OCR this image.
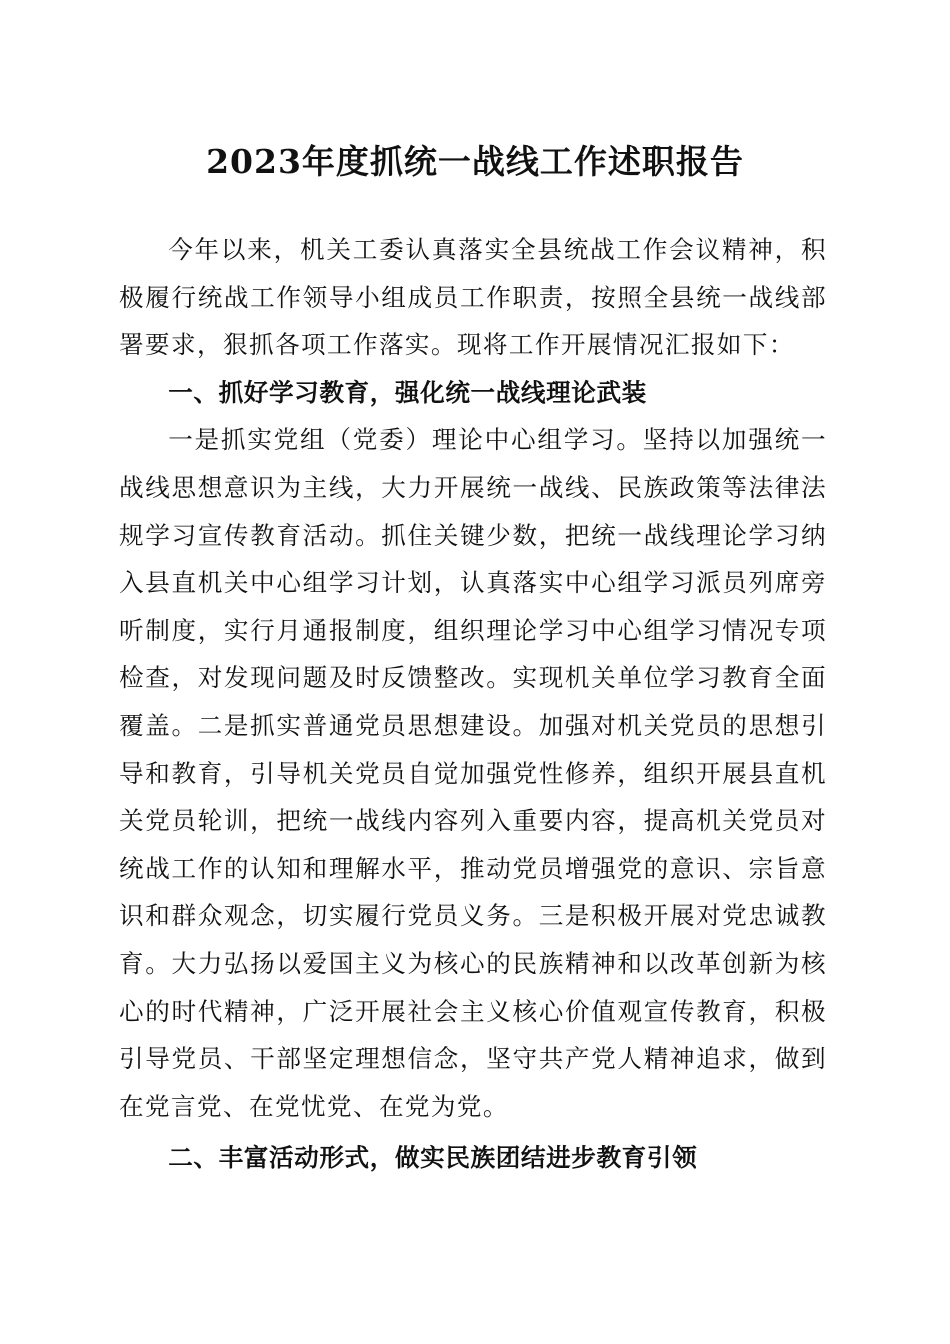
2023年度抓统一战线工作述职报告
今年以来，机关工委认真落实全县统战工作会议精神，积
极履行统战工作领导小组成员工作职责，按照全县统一战线部
署要求，狠抓各项工作落实。现将工作开展情况汇报如下：

一、抓好学习教育，强化统一战线理论武装

一是抓实党组（党委）理论中心组学习。坚持以加强统一
战线思想意识为主线，大力开展统一战线、民族政策等法律法
规学习宣传教育活动。抓住关键少数，把统一战线理论学习纳
入县直机关中心组学习计划，认真落实中心组学习派员列席旁
听制度，实行月通报制度，组织理论学习中心组学习情况专项
检查，对发现问题及时反馈整改。实现机关单位学习教育全面
覆盖。二是抓实普通党员思想建设。加强对机关党员的思想引
导和教育，引导机关党员自觉加强党性修养，组织开展县直机
关党员轮训，把统一战线内容列入重要内容，提高机关党员对
统战工作的认知和理解水平，推动党员增强党的意识、宗旨意
识和群众观念，切实履行党员义务。三是积极开展对党忠诚教
育。大力弘扬以爱国主义为核心的民族精神和以改革创新为核
心的时代精神，广泛开展社会主义核心价值观宣传教育，积极
引导党员、干部坚定理想信念，坚守共产党人精神追求，做到
在党言党、在党忧党、在党为党。

二、丰富活动形式，做实民族团结进步教育引领
